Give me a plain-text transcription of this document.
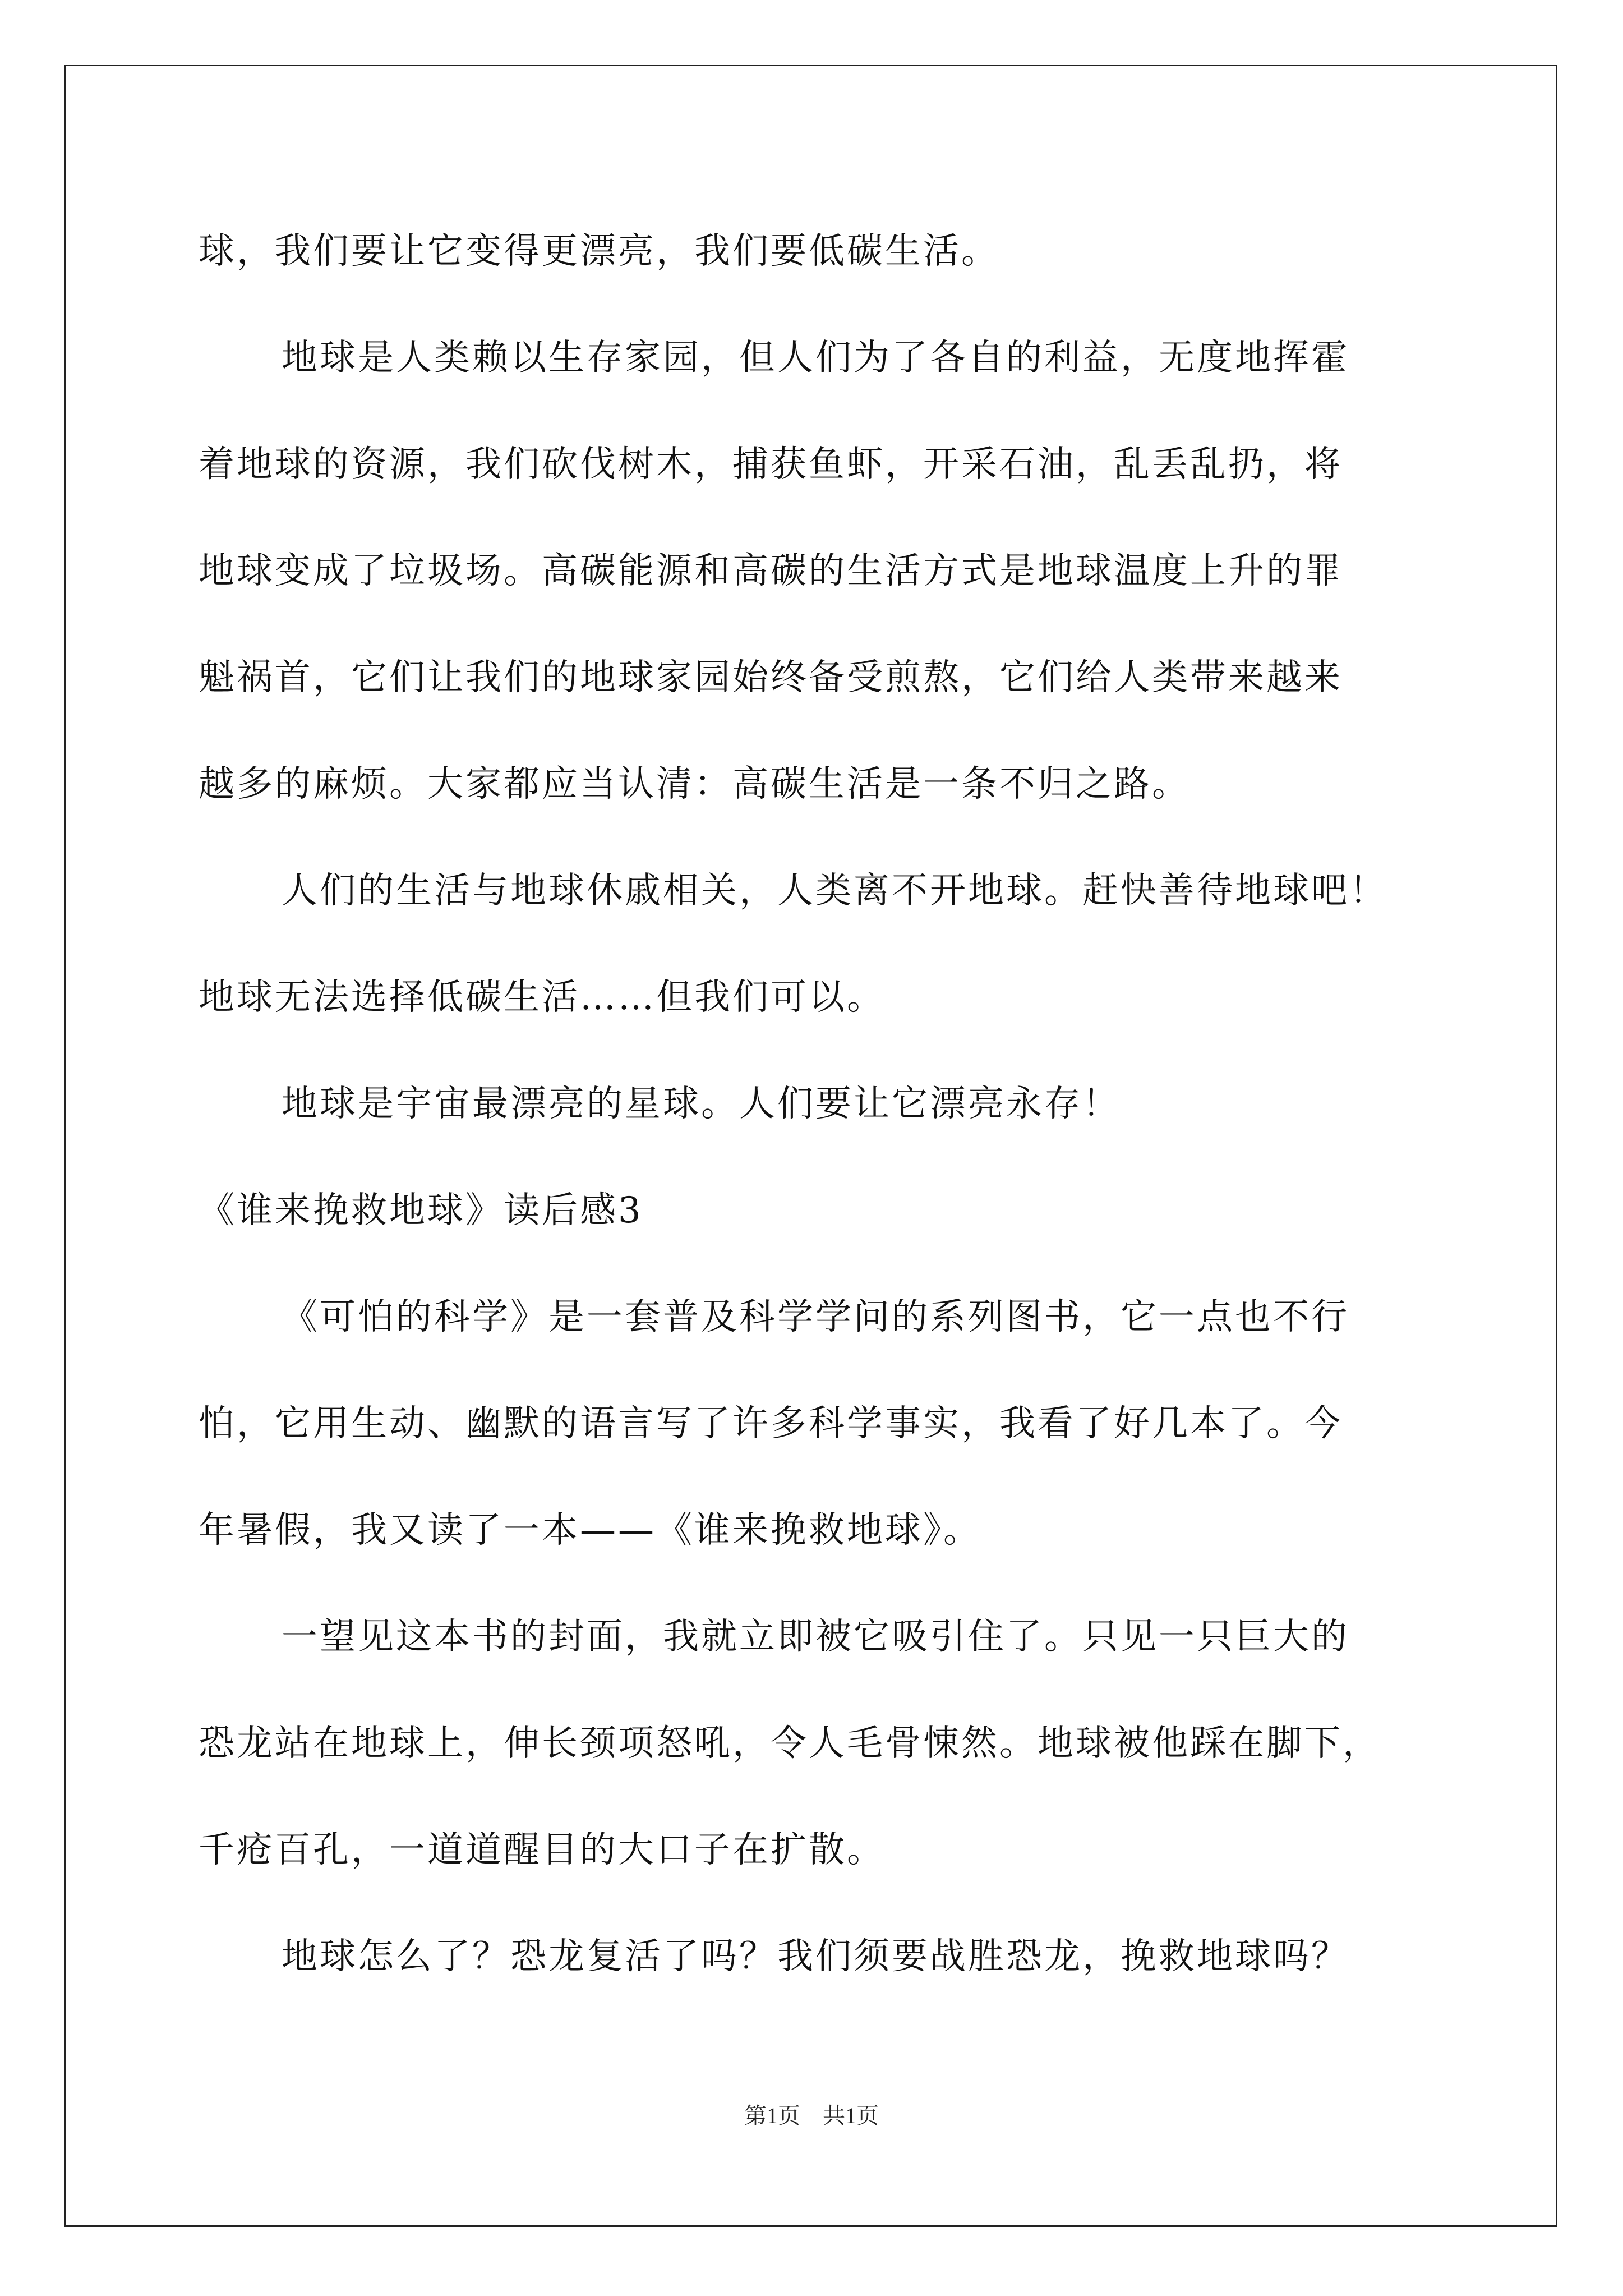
球，我们要让它变得更漂亮，我们要低碳生活。
地球是人类赖以生存家园，但人们为了各自的利益，无度地挥霍
着地球的资源，我们砍伐树木，捕获鱼虾，开采石油，乱丢乱扔，将
地球变成了垃圾场。高碳能源和高碳的生活方式是地球温度上升的罪
魁祸首，它们让我们的地球家园始终备受煎熬，它们给人类带来越来
越多的麻烦。大家都应当认清：高碳生活是一条不归之路。
人们的生活与地球休戚相关，人类离不开地球。赶快善待地球吧！
地球无法选择低碳生活……但我们可以。
地球是宇宙最漂亮的星球。人们要让它漂亮永存！
《谁来挽救地球》读后感3
《可怕的科学》是一套普及科学学问的系列图书，它一点也不行
怕，它用生动、幽默的语言写了许多科学事实，我看了好几本了。今
年暑假，我又读了一本——《谁来挽救地球》。
一望见这本书的封面，我就立即被它吸引住了。只见一只巨大的
恐龙站在地球上，伸长颈项怒吼，令人毛骨悚然。地球被他踩在脚下，
千疮百孔，一道道醒目的大口子在扩散。
地球怎么了？恐龙复活了吗？我们须要战胜恐龙，挽救地球吗？
第1页　共1页
